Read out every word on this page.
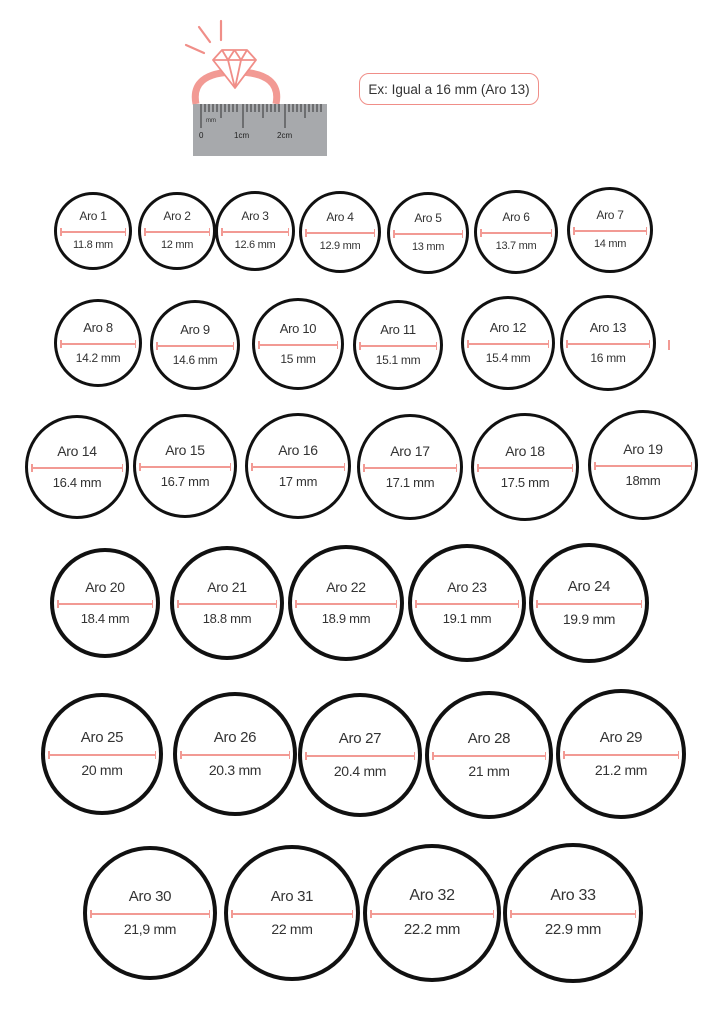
mm
0	1cm	2cm
Ex: Igual a 16 mm (Aro 13)
Aro 1
11.8 mm
Aro 2
12 mm
Aro 3
12.6 mm
Aro 4
12.9 mm
Aro 5
13 mm
Aro 6
13.7 mm
Aro 7
14 mm
Aro 8
14.2 mm
Aro 9
14.6 mm
Aro 10
15 mm
Aro 11
15.1 mm
Aro 12
15.4 mm
Aro 13
16 mm
Aro 14
16.4 mm
Aro 15
16.7 mm
Aro 16
17 mm
Aro 17
17.1 mm
Aro 18
17.5 mm
Aro 19
18mm
Aro 20
18.4 mm
Aro 21
18.8 mm
Aro 22
18.9 mm
Aro 23
19.1 mm
Aro 24
19.9 mm
Aro 25
20 mm
Aro 26
20.3 mm
Aro 27
20.4 mm
Aro 28
21 mm
Aro 29
21.2 mm
Aro 30
21,9 mm
Aro 31
22 mm
Aro 32
22.2 mm
Aro 33
22.9 mm
